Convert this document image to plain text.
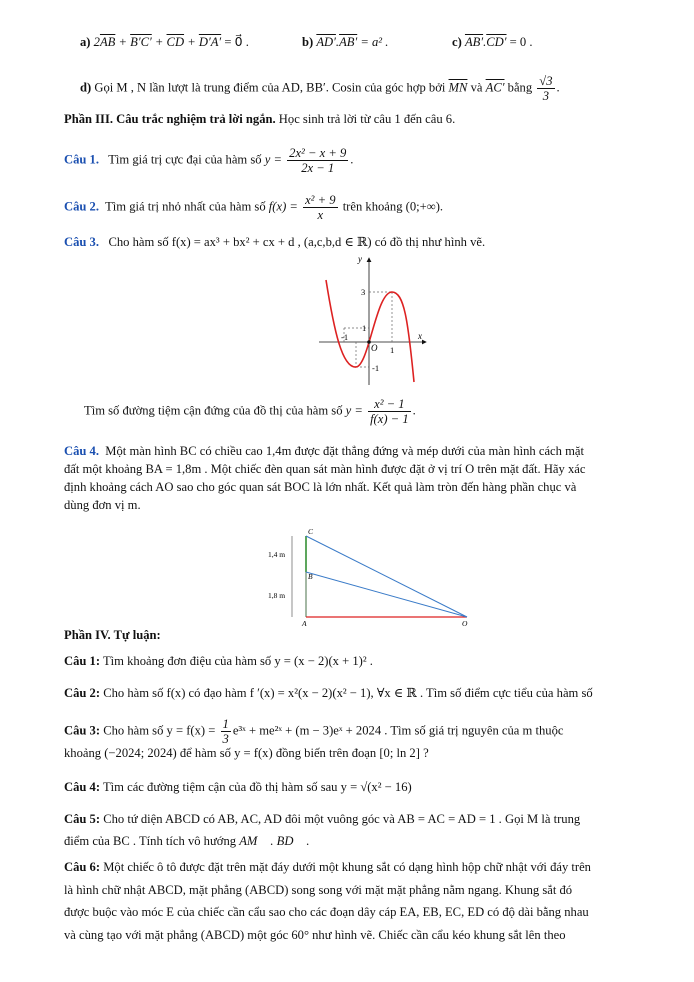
a) $2\overline{AB} + B'C' + \overline{CD} + D'A'$ = 0⃗ .	b) AD′.AB′ = a² .	c) AB′.CD′ = 0 .
d) Gọi M , N lần lượt là trung điểm của AD, BB′. Cosin của góc hợp bởi $\overline{MN}$ và AC′ bằng $\frac{√3}{3}$ .
Phần III. Câu trắc nghiệm trả lời ngắn. Học sinh trả lời từ câu 1 đến câu 6.
Câu 1. Tìm giá trị cực đại của hàm số $y = \frac{\text{2x² − x + 9}}{2x - 1}$ .
Câu 2. Tìm giá trị nhỏ nhất của hàm số $f(x) = \frac{\text{x² + 9}}{x}$ trên khoảng (0;+∞).
Câu 3. Cho hàm số f(x) = ax³ + bx² + cx + d , (a,c,b,d ∈ ℝ) có đồ thị như hình vẽ.
y
x
O
3
1
-1
1
-1
Tìm số đường tiệm cận đứng của đồ thị của hàm số $y = \frac{\text{x² − 1}}{f(x) - 1}$ .
Câu 4. Một màn hình BC có chiều cao 1,4m được đặt thẳng đứng và mép dưới của màn hình cách mặt
đất một khoảng BA = 1,8m . Một chiếc đèn quan sát màn hình được đặt ở vị trí O trên mặt đất. Hãy xác
định khoảng cách AO sao cho góc quan sát BOC là lớn nhất. Kết quả làm tròn đến hàng phần chục và
dùng đơn vị m.
C
B
A	O
1,4 m
1,8 m
Phần IV. Tự luận:
Câu 1: Tìm khoảng đơn điệu của hàm số y = (x − 2)(x + 1)² .
Câu 2: Cho hàm số f(x) có đạo hàm f ′(x) = x²(x − 2)(x² − 1), ∀x ∈ ℝ . Tìm số điểm cực tiểu của hàm số
Câu 3: Cho hàm số $y = f(x) = \frac{1}{3}$ e³ˣ + me²ˣ + (m − 3)eˣ + 2024 . Tìm số giá trị nguyên của m thuộc
khoảng (−2024; 2024) để hàm số y = f(x) đồng biến trên đoạn [0; ln 2] ?
Câu 4: Tìm các đường tiệm cận của đồ thị hàm số sau y = √(x² − 16)
Câu 5: Cho tứ diện ABCD có AB, AC, AD đôi một vuông góc và AB = AC = AD = 1 . Gọi M là trung
điểm của BC . Tính tích vô hướng AM⃗ . BD⃗ .
Câu 6: Một chiếc ô tô được đặt trên mặt đáy dưới một khung sắt có dạng hình hộp chữ nhật với đáy trên
là hình chữ nhật ABCD, mặt phẳng (ABCD) song song với mặt mặt phẳng nằm ngang. Khung sắt đó
được buộc vào móc E của chiếc cần cẩu sao cho các đoạn dây cáp EA, EB, EC, ED có độ dài bằng nhau
và cùng tạo với mặt phẳng (ABCD) một góc 60° như hình vẽ. Chiếc cần cẩu kéo khung sắt lên theo
